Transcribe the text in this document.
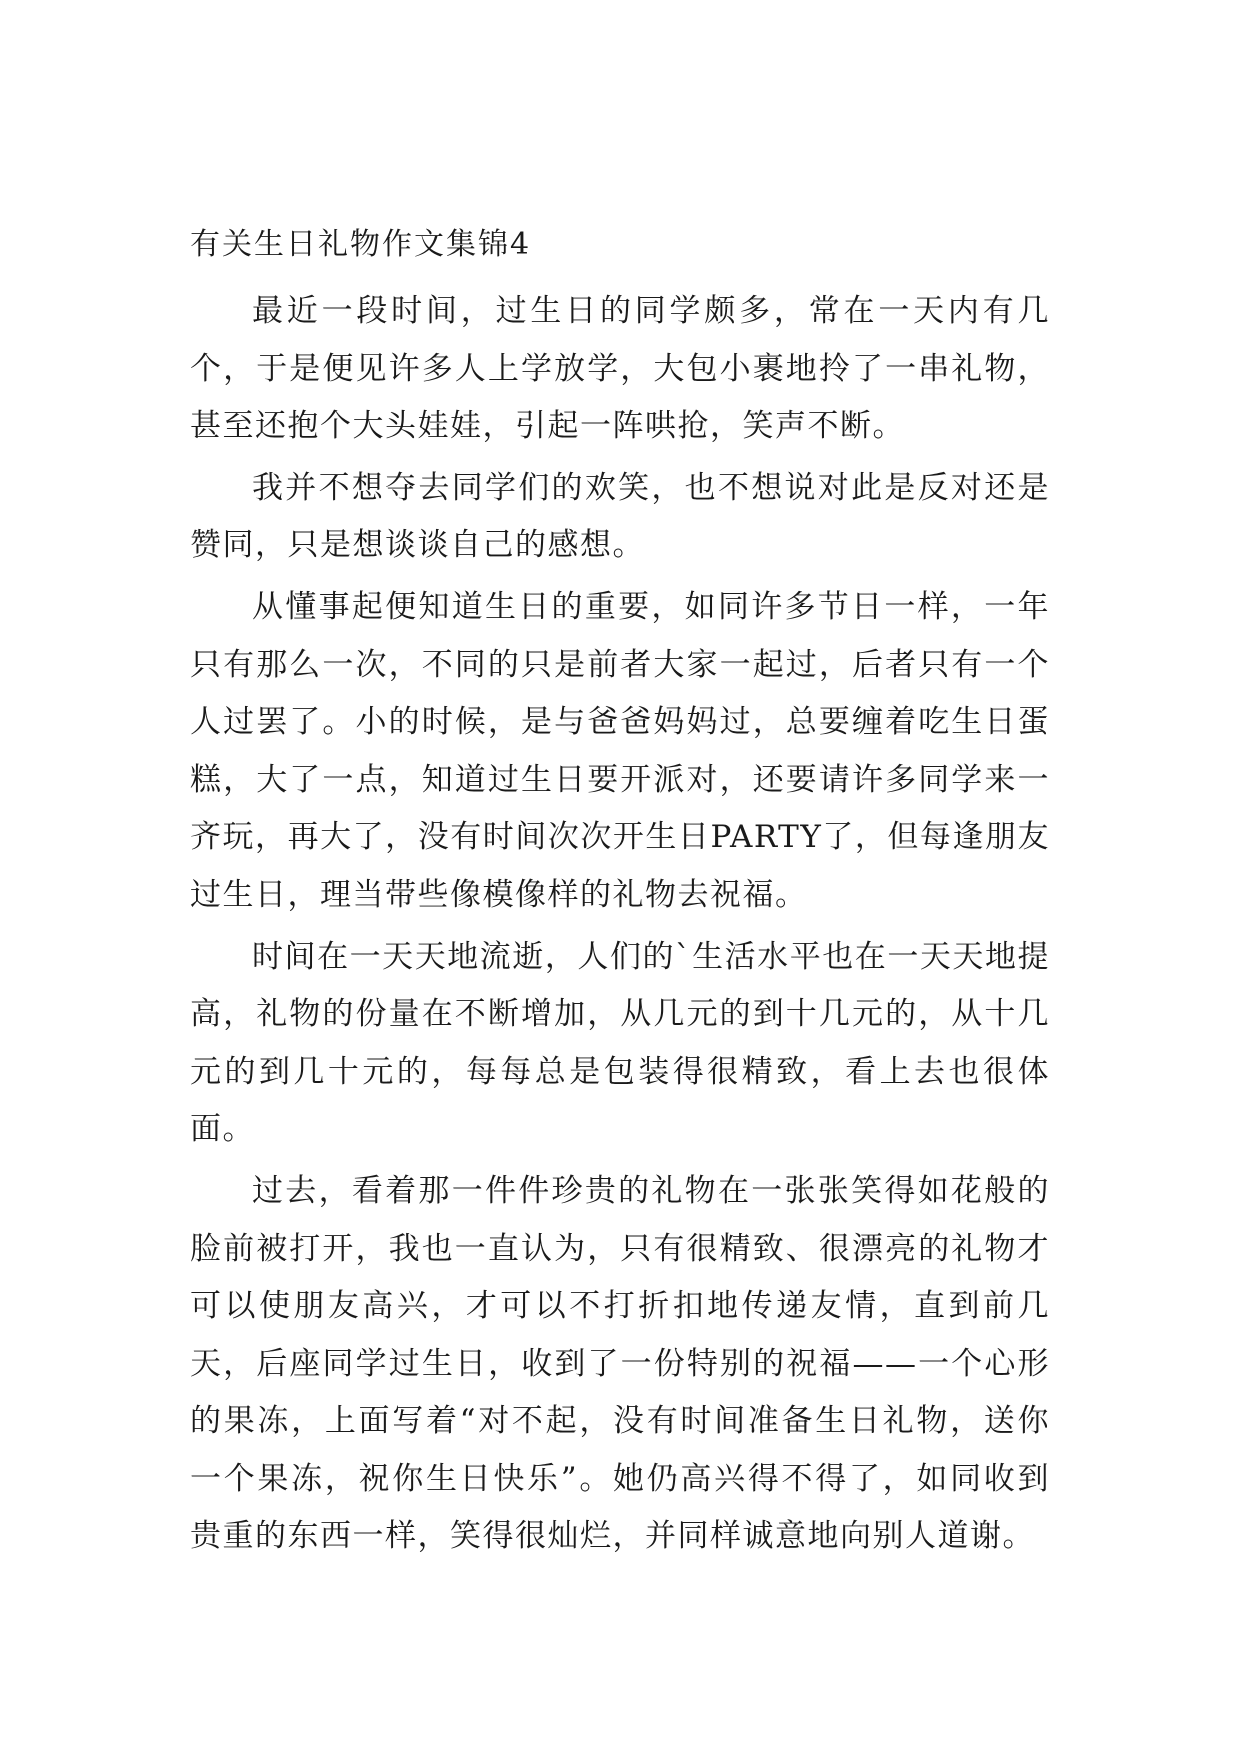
有关生日礼物作文集锦4

最近一段时间，过生日的同学颇多，常在一天内有几个，于是便见许多人上学放学，大包小裹地拎了一串礼物，甚至还抱个大头娃娃，引起一阵哄抢，笑声不断。

我并不想夺去同学们的欢笑，也不想说对此是反对还是赞同，只是想谈谈自己的感想。

从懂事起便知道生日的重要，如同许多节日一样，一年只有那么一次，不同的只是前者大家一起过，后者只有一个人过罢了。小的时候，是与爸爸妈妈过，总要缠着吃生日蛋糕，大了一点，知道过生日要开派对，还要请许多同学来一齐玩，再大了，没有时间次次开生日PARTY了，但每逢朋友过生日，理当带些像模像样的礼物去祝福。

时间在一天天地流逝，人们的`生活水平也在一天天地提高，礼物的份量在不断增加，从几元的到十几元的，从十几元的到几十元的，每每总是包装得很精致，看上去也很体面。

过去，看着那一件件珍贵的礼物在一张张笑得如花般的脸前被打开，我也一直认为，只有很精致、很漂亮的礼物才可以使朋友高兴，才可以不打折扣地传递友情，直到前几天，后座同学过生日，收到了一份特别的祝福——一个心形的果冻，上面写着“对不起，没有时间准备生日礼物，送你一个果冻，祝你生日快乐”。她仍高兴得不得了，如同收到贵重的东西一样，笑得很灿烂，并同样诚意地向别人道谢。
